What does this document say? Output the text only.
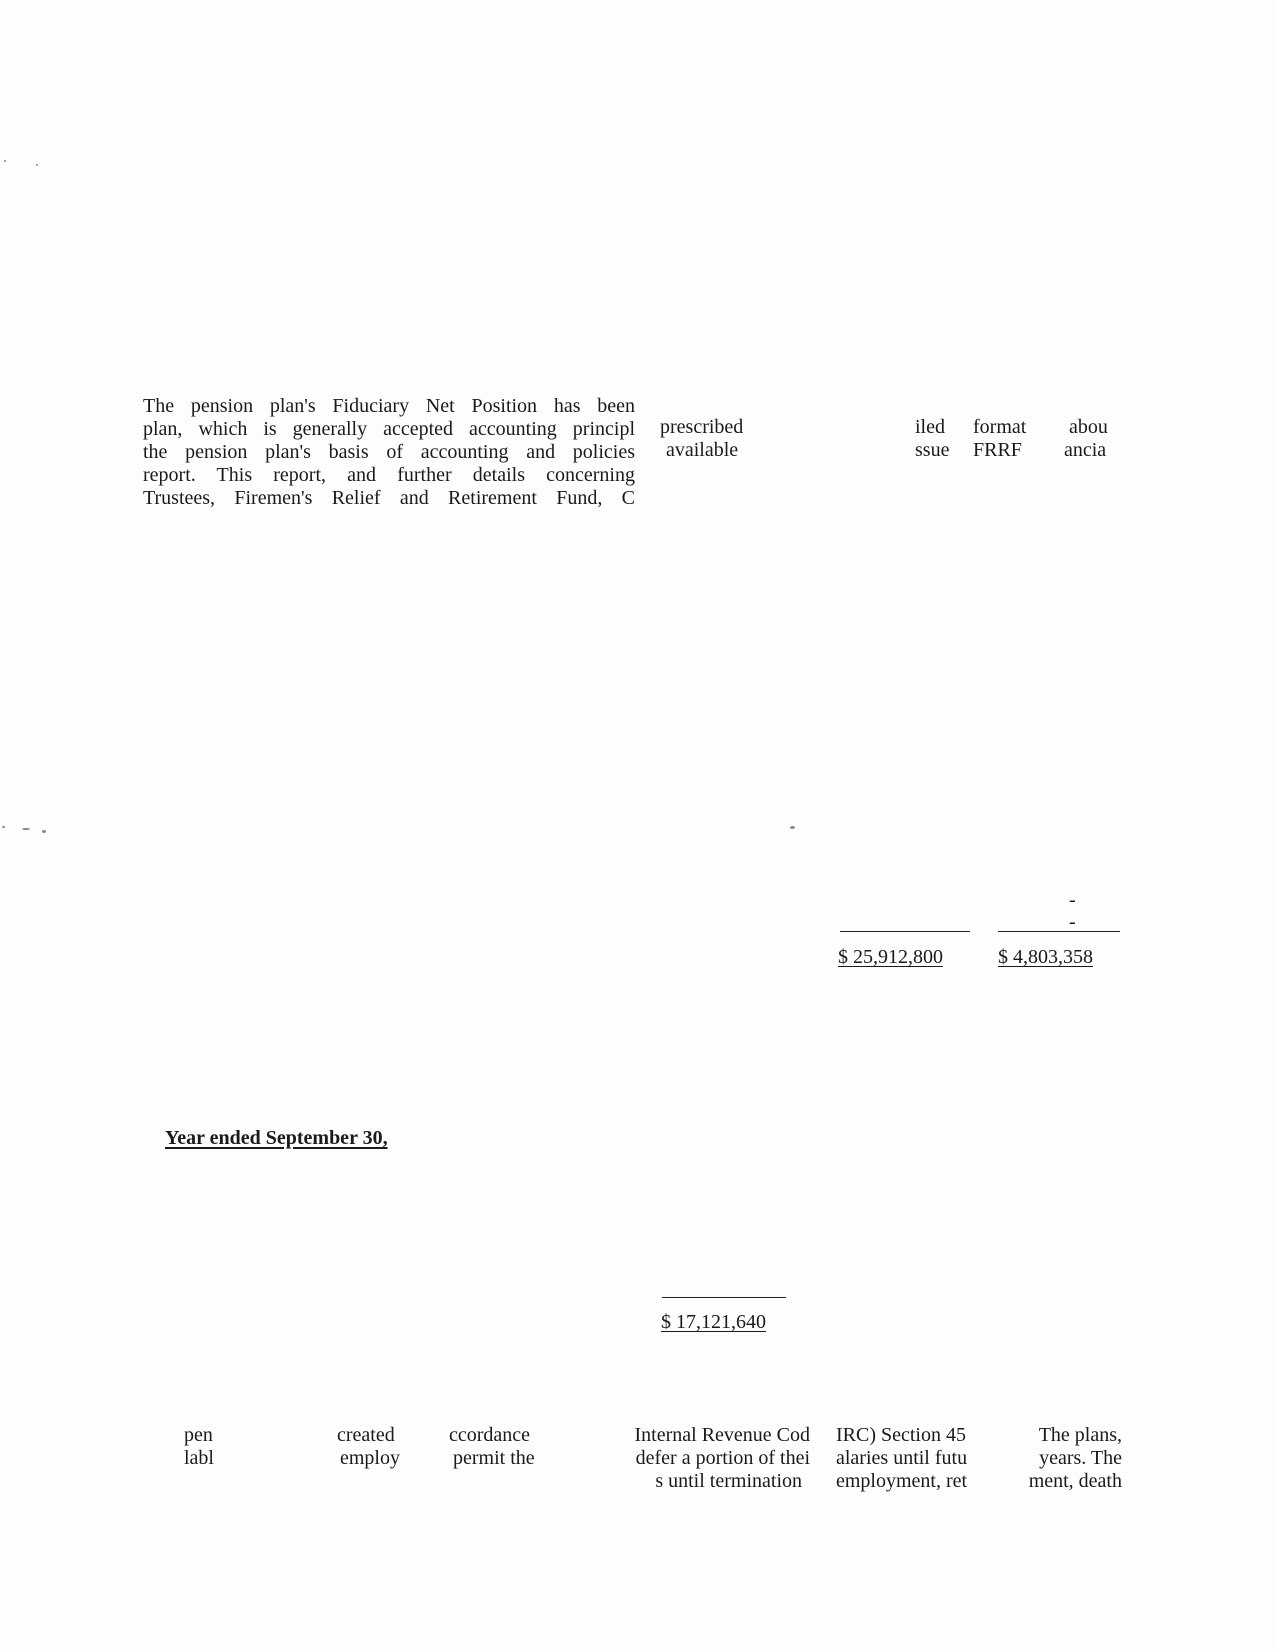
The pension plan's Fiduciary Net Position has been
plan, which is generally accepted accounting principl
the pension plan's basis of accounting and policies
report. This report, and further details concerning
Trustees, Firemen's Relief and Retirement Fund, C
prescribed
available
iled
ssue
format
FRRF
abou
ancia
-
-
$ 25,912,800	$ 4,803,358
Year ended September 30,
$ 17,121,640
pen
labl
created
employ
ccordance
permit the
Internal Revenue Cod
defer a portion of thei
s until termination
IRC) Section 45
alaries until futu
employment, ret
The plans,
years. The
ment, death
